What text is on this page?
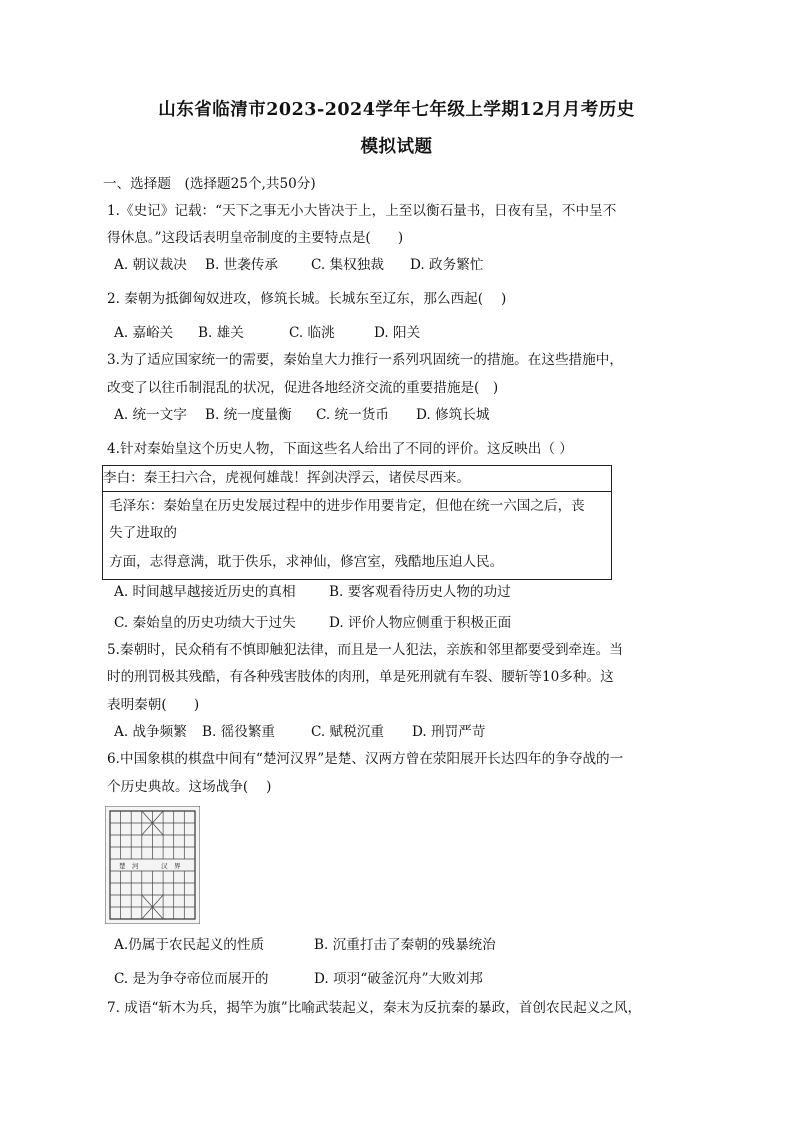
山东省临清市2023-2024学年七年级上学期12月月考历史
模拟试题
一、选择题　(选择题25个,共50分)
1.《史记》记载：“天下之事无小大皆决于上，上至以衡石量书，日夜有呈，不中呈不
得休息。”这段话表明皇帝制度的主要特点是(　　)
A. 朝议裁决	B. 世袭传承	C. 集权独裁	D. 政务繁忙
2. 秦朝为抵御匈奴进攻，修筑长城。长城东至辽东，那么西起(　 )
A. 嘉峪关	B. 雄关	C. 临洮	D. 阳关
3.为了适应国家统一的需要，秦始皇大力推行一系列巩固统一的措施。在这些措施中，
改变了以往币制混乱的状况，促进各地经济交流的重要措施是(　)
A. 统一文字	B. 统一度量衡	C. 统一货币	D. 修筑长城
4.针对秦始皇这个历史人物，下面这些名人给出了不同的评价。这反映出（ ）
李白：秦王扫六合，虎视何雄哉！挥剑决浮云，诸侯尽西来。
毛泽东：秦始皇在历史发展过程中的进步作用要肯定，但他在统一六国之后，丧
失了进取的
方面，志得意满，耽于佚乐，求神仙，修宫室，残酷地压迫人民。
A. 时间越早越接近历史的真相	B. 要客观看待历史人物的功过
C. 秦始皇的历史功绩大于过失	D. 评价人物应侧重于积极正面
5.秦朝时，民众稍有不慎即触犯法律，而且是一人犯法，亲族和邻里都要受到牵连。当
时的刑罚极其残酷，有各种残害肢体的肉刑，单是死刑就有车裂、腰斩等10多种。这
表明秦朝(　　)
A. 战争频繁	B. 徭役繁重	C. 赋税沉重	D. 刑罚严苛
6.中国象棋的棋盘中间有“楚河汉界”是楚、汉两方曾在荥阳展开长达四年的争夺战的一
个历史典故。这场战争(　 )
楚　河	汉　界
A.仍属于农民起义的性质	B. 沉重打击了秦朝的残暴统治
C. 是为争夺帝位而展开的	D. 项羽“破釜沉舟”大败刘邦
7. 成语“斩木为兵，揭竿为旗”比喻武装起义，秦末为反抗秦的暴政，首创农民起义之风，
